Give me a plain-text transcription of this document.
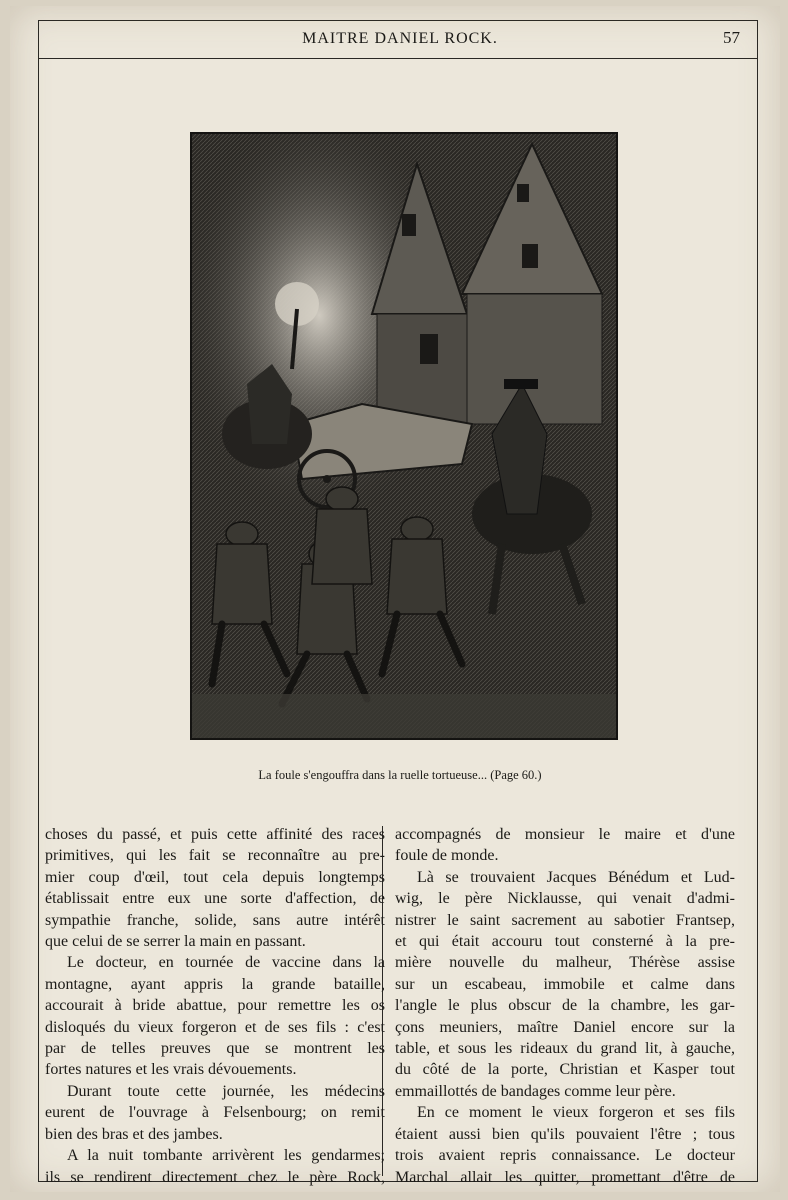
MAITRE DANIEL ROCK.	57
La foule s'engouffra dans la ruelle tortueuse... (Page 60.)

choses du passé, et puis cette affinité des races

primitives, qui les fait se reconnaître au pre-

mier coup d'œil, tout cela depuis longtemps

établissait entre eux une sorte d'affection, de

sympathie franche, solide, sans autre intérêt

que celui de se serrer la main en passant.

Le docteur, en tournée de vaccine dans la

montagne, ayant appris la grande bataille,

accourait à bride abattue, pour remettre les os

disloqués du vieux forgeron et de ses fils : c'est

par de telles preuves que se montrent les

fortes natures et les vrais dévouements.

Durant toute cette journée, les médecins

eurent de l'ouvrage à Felsenbourg; on remit

bien des bras et des jambes.

A la nuit tombante arrivèrent les gendarmes;

ils se rendirent directement chez le père Rock,

accompagnés de monsieur le maire et d'une

foule de monde.

Là se trouvaient Jacques Bénédum et Lud-

wig, le père Nicklausse, qui venait d'admi-

nistrer le saint sacrement au sabotier Frantsep,

et qui était accouru tout consterné à la pre-

mière nouvelle du malheur, Thérèse assise

sur un escabeau, immobile et calme dans

l'angle le plus obscur de la chambre, les gar-

çons meuniers, maître Daniel encore sur la

table, et sous les rideaux du grand lit, à gauche,

du côté de la porte, Christian et Kasper tout

emmaillottés de bandages comme leur père.

En ce moment le vieux forgeron et ses fils

étaient aussi bien qu'ils pouvaient l'être ; tous

trois avaient repris connaissance. Le docteur

Marchal allait les quitter, promettant d'être de
